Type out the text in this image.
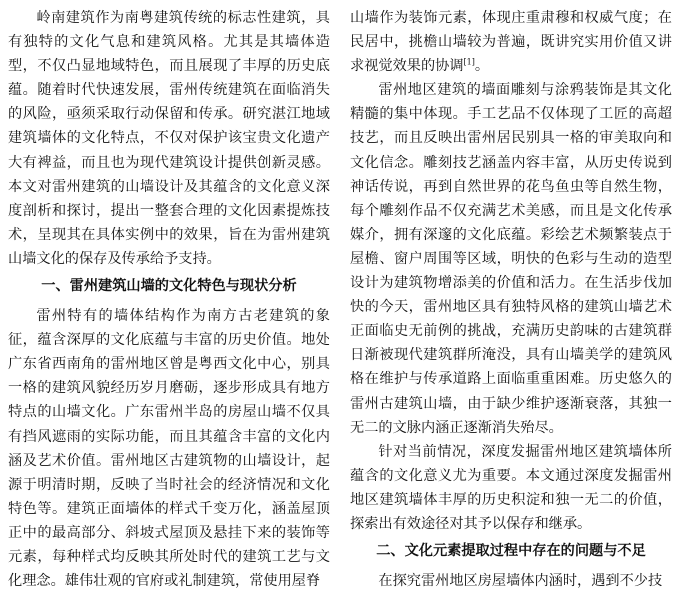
岭南建筑作为南粤建筑传统的标志性建筑，具有独特的文化气息和建筑风格。尤其是其墙体造型，不仅凸显地域特色，而且展现了丰厚的历史底蕴。随着时代快速发展，雷州传统建筑在面临消失的风险，亟须采取行动保留和传承。研究湛江地域建筑墙体的文化特点，不仅对保护该宝贵文化遗产大有裨益，而且也为现代建筑设计提供创新灵感。本文对雷州建筑的山墙设计及其蕴含的文化意义深度剖析和探讨，提出一整套合理的文化因素提炼技术，呈现其在具体实例中的效果，旨在为雷州建筑山墙文化的保存及传承给予支持。

一、雷州建筑山墙的文化特色与现状分析

雷州特有的墙体结构作为南方古老建筑的象征，蕴含深厚的文化底蕴与丰富的历史价值。地处广东省西南角的雷州地区曾是粤西文化中心，别具一格的建筑风貌经历岁月磨砺，逐步形成具有地方特点的山墙文化。广东雷州半岛的房屋山墙不仅具有挡风遮雨的实际功能，而且其蕴含丰富的文化内涵及艺术价值。雷州地区古建筑物的山墙设计，起源于明清时期，反映了当时社会的经济情况和文化特色等。建筑正面墙体的样式千变万化，涵盖屋顶正中的最高部分、斜坡式屋顶及悬挂下来的装饰等元素，每种样式均反映其所处时代的建筑工艺与文化理念。雄伟壮观的官府或礼制建筑，常使用屋脊

山墙作为装饰元素，体现庄重肃穆和权威气度；在民居中，挑檐山墙较为普遍，既讲究实用价值又讲求视觉效果的协调[1]。

雷州地区建筑的墙面雕刻与涂鸦装饰是其文化精髓的集中体现。手工艺品不仅体现了工匠的高超技艺，而且反映出雷州居民别具一格的审美取向和文化信念。雕刻技艺涵盖内容丰富，从历史传说到神话传说，再到自然世界的花鸟鱼虫等自然生物，每个雕刻作品不仅充满艺术美感，而且是文化传承媒介，拥有深邃的文化底蕴。彩绘艺术频繁装点于屋檐、窗户周围等区域，明快的色彩与生动的造型设计为建筑物增添美的价值和活力。在生活步伐加快的今天，雷州地区具有独特风格的建筑山墙艺术正面临史无前例的挑战，充满历史韵味的古建筑群日渐被现代建筑群所淹没，具有山墙美学的建筑风格在维护与传承道路上面临重重困难。历史悠久的雷州古建筑山墙，由于缺少维护逐渐衰落，其独一无二的文脉内涵正逐渐消失殆尽。

针对当前情况，深度发掘雷州地区建筑墙体所蕴含的文化意义尤为重要。本文通过深度发掘雷州地区建筑墙体丰厚的历史积淀和独一无二的价值，探索出有效途径对其予以保存和继承。

二、文化元素提取过程中存在的问题与不足

在探究雷州地区房屋墙体内涵时，遇到不少技
